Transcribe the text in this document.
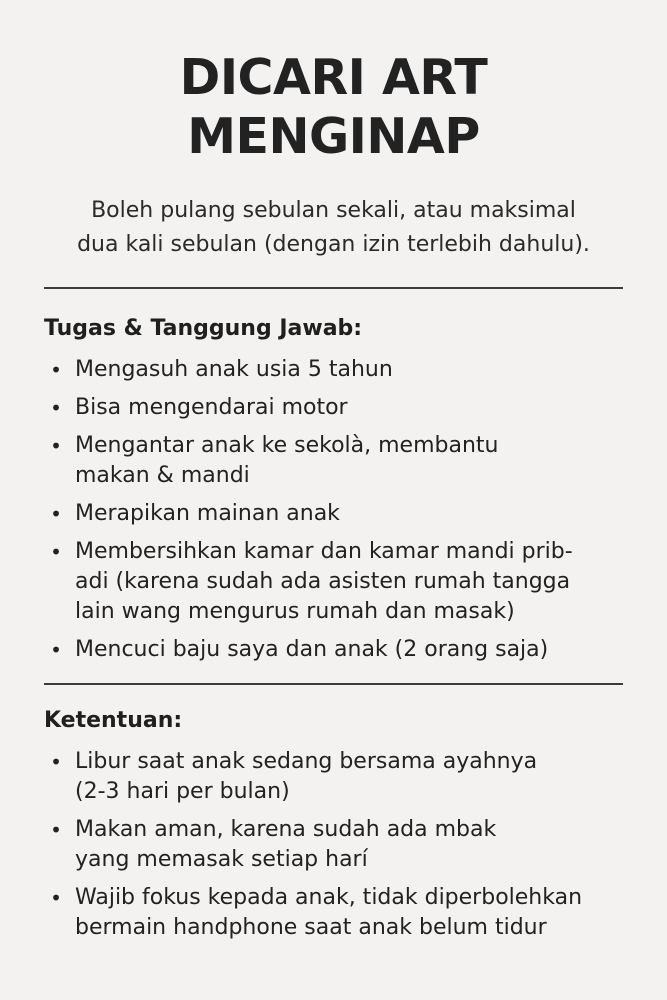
DICARI ART
MENGINAP

Boleh pulang sebulan sekali, atau maksimal
dua kali sebulan (dengan izin terlebih dahulu).

Tugas & Tanggung Jawab:
• Mengasuh anak usia 5 tahun
• Bisa mengendarai motor
• Mengantar anak ke sekolà, membantu
makan & mandi
• Merapikan mainan anak
• Membersihkan kamar dan kamar mandi prib-
adi (karena sudah ada asisten rumah tangga
lain wang mengurus rumah dan masak)
• Mencuci baju saya dan anak (2 orang saja)
Ketentuan:
• Libur saat anak sedang bersama ayahnya
(2-3 hari per bulan)
• Makan aman, karena sudah ada mbak
yang memasak setiap harí
• Wajib fokus kepada anak, tidak diperbolehkan
bermain handphone saat anak belum tidur
